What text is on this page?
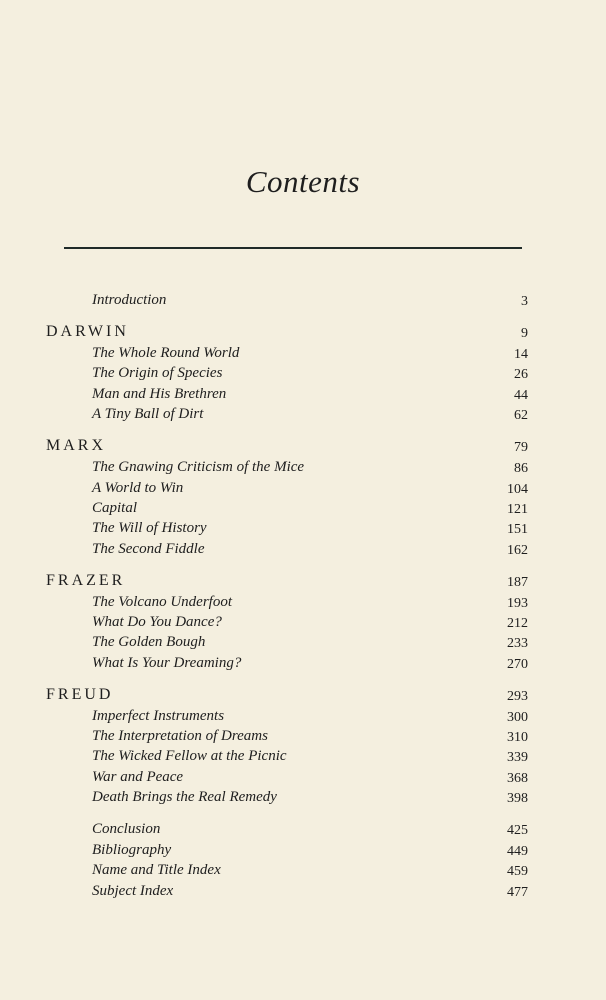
Contents
Introduction	3
DARWIN	9
The Whole Round World	14
The Origin of Species	26
Man and His Brethren	44
A Tiny Ball of Dirt	62
MARX	79
The Gnawing Criticism of the Mice	86
A World to Win	104
Capital	121
The Will of History	151
The Second Fiddle	162
FRAZER	187
The Volcano Underfoot	193
What Do You Dance?	212
The Golden Bough	233
What Is Your Dreaming?	270
FREUD	293
Imperfect Instruments	300
The Interpretation of Dreams	310
The Wicked Fellow at the Picnic	339
War and Peace	368
Death Brings the Real Remedy	398
Conclusion	425
Bibliography	449
Name and Title Index	459
Subject Index	477
